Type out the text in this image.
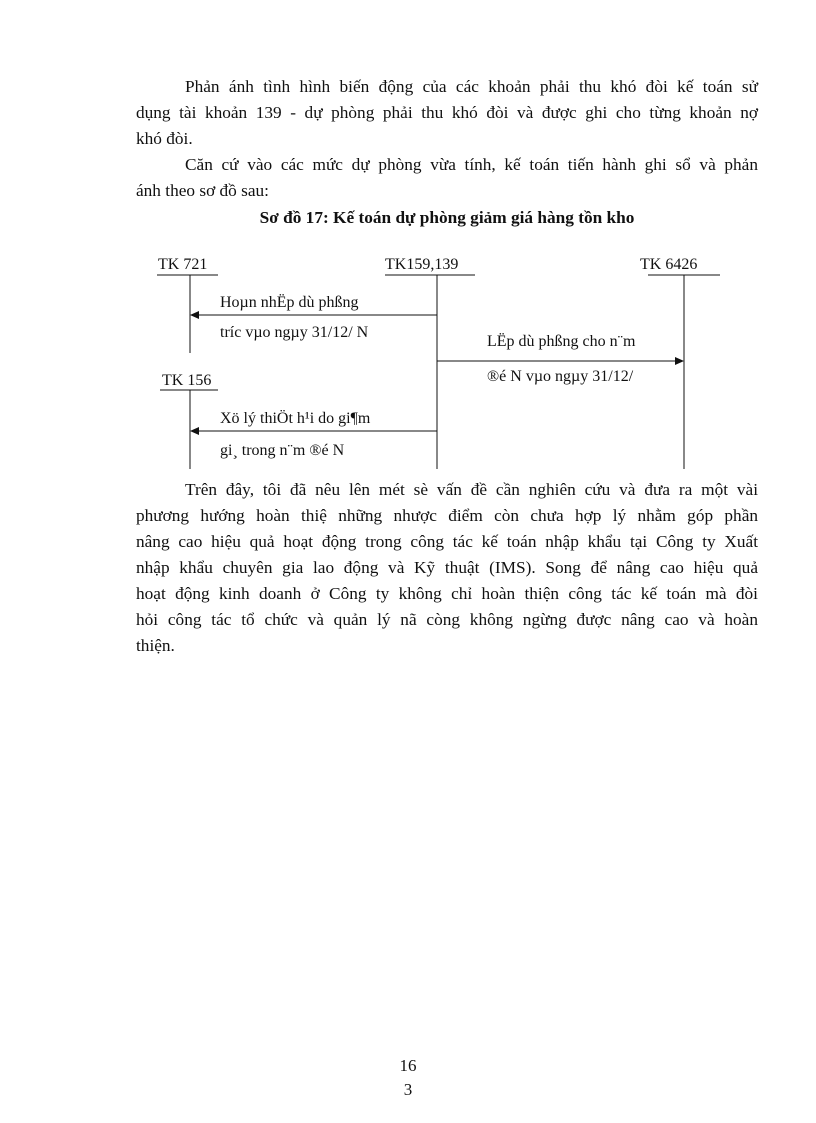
Phản ánh tình hình biến động của các khoản phải thu khó đòi kế toán sử
dụng tài khoản 139 - dự phòng phải thu khó đòi và được ghi cho từng khoản nợ
khó đòi.
Căn cứ vào các mức dự phòng vừa tính, kế toán tiến hành ghi sổ và phản
ánh theo sơ đồ sau:
Sơ đồ 17: Kế toán dự phòng giảm giá hàng tồn kho
TK 721	TK159,139	TK 6426
TK 156
Hoµn nhËp dù phßng
tríc vµo ngµy 31/12/ N
LËp dù phßng cho n¨m
®é N vµo ngµy 31/12/
Xö lý thiÖt h¹i do gi¶m
gi¸ trong n¨m ®é N
Trên đây, tôi đã nêu lên mét sè vấn đề cần nghiên cứu và đưa ra một vài
phương hướng hoàn thiệ những nhược điểm còn chưa hợp lý nhằm góp phần
nâng cao hiệu quả hoạt động trong công tác kế toán nhập khẩu tại Công ty Xuất
nhập khẩu chuyên gia lao động và Kỹ thuật (IMS). Song để nâng cao hiệu quả
hoạt động kinh doanh ở Công ty không chỉ hoàn thiện công tác kế toán mà đòi
hỏi công tác tổ chức và quản lý nã còng không ngừng được nâng cao và hoàn
thiện.
16
3
